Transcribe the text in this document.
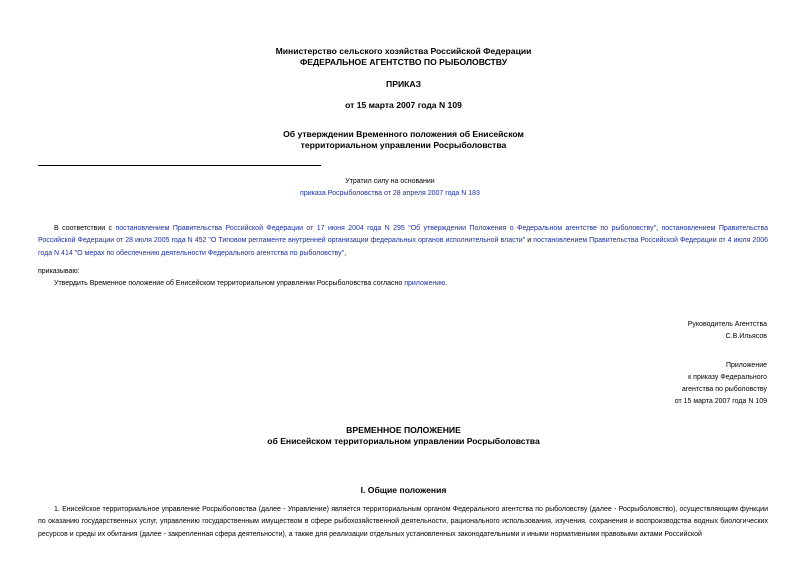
Министерство сельского хозяйства Российской Федерации
ФЕДЕРАЛЬНОЕ АГЕНТСТВО ПО РЫБОЛОВСТВУ
ПРИКАЗ
от 15 марта 2007 года N 109
Об утверждении Временного положения об Енисейском
территориальном управлении Росрыболовства
Утратил силу на основании
приказа Росрыболовства от 28 апреля 2007 года N 183
В соответствии с постановлением Правительства Российской Федерации от 17 июня 2004 года N 295 "Об утверждении Положения о Федеральном агентстве по рыболовству", постановлением Правительства Российской Федерации от 28 июля 2005 года N 452 "О Типовом регламенте внутренней организации федеральных органов исполнительной власти" и постановлением Правительства Российской Федерации от 4 июля 2006 года N 414 "О мерах по обеспечению деятельности Федерального агентства по рыболовству",
приказываю:
Утвердить Временное положение об Енисейском территориальном управлении Росрыболовства согласно приложению.
Руководитель Агентства
С.В.Ильясов
Приложение
к приказу Федерального
агентства по рыболовству
от 15 марта 2007 года N 109
ВРЕМЕННОЕ ПОЛОЖЕНИЕ
об Енисейском территориальном управлении Росрыболовства
I. Общие положения
1. Енисейское территориальное управление Росрыболовства (далее - Управление) является территориальным органом Федерального агентства по рыболовству (далее - Росрыболовство), осуществляющим функции по оказанию государственных услуг, управлению государственным имуществом в сфере рыбохозяйственной деятельности, рационального использования, изучения, сохранения и воспроизводства водных биологических ресурсов и среды их обитания (далее - закрепленная сфера деятельности), а также для реализации отдельных установленных законодательными и иными нормативными правовыми актами Российской
